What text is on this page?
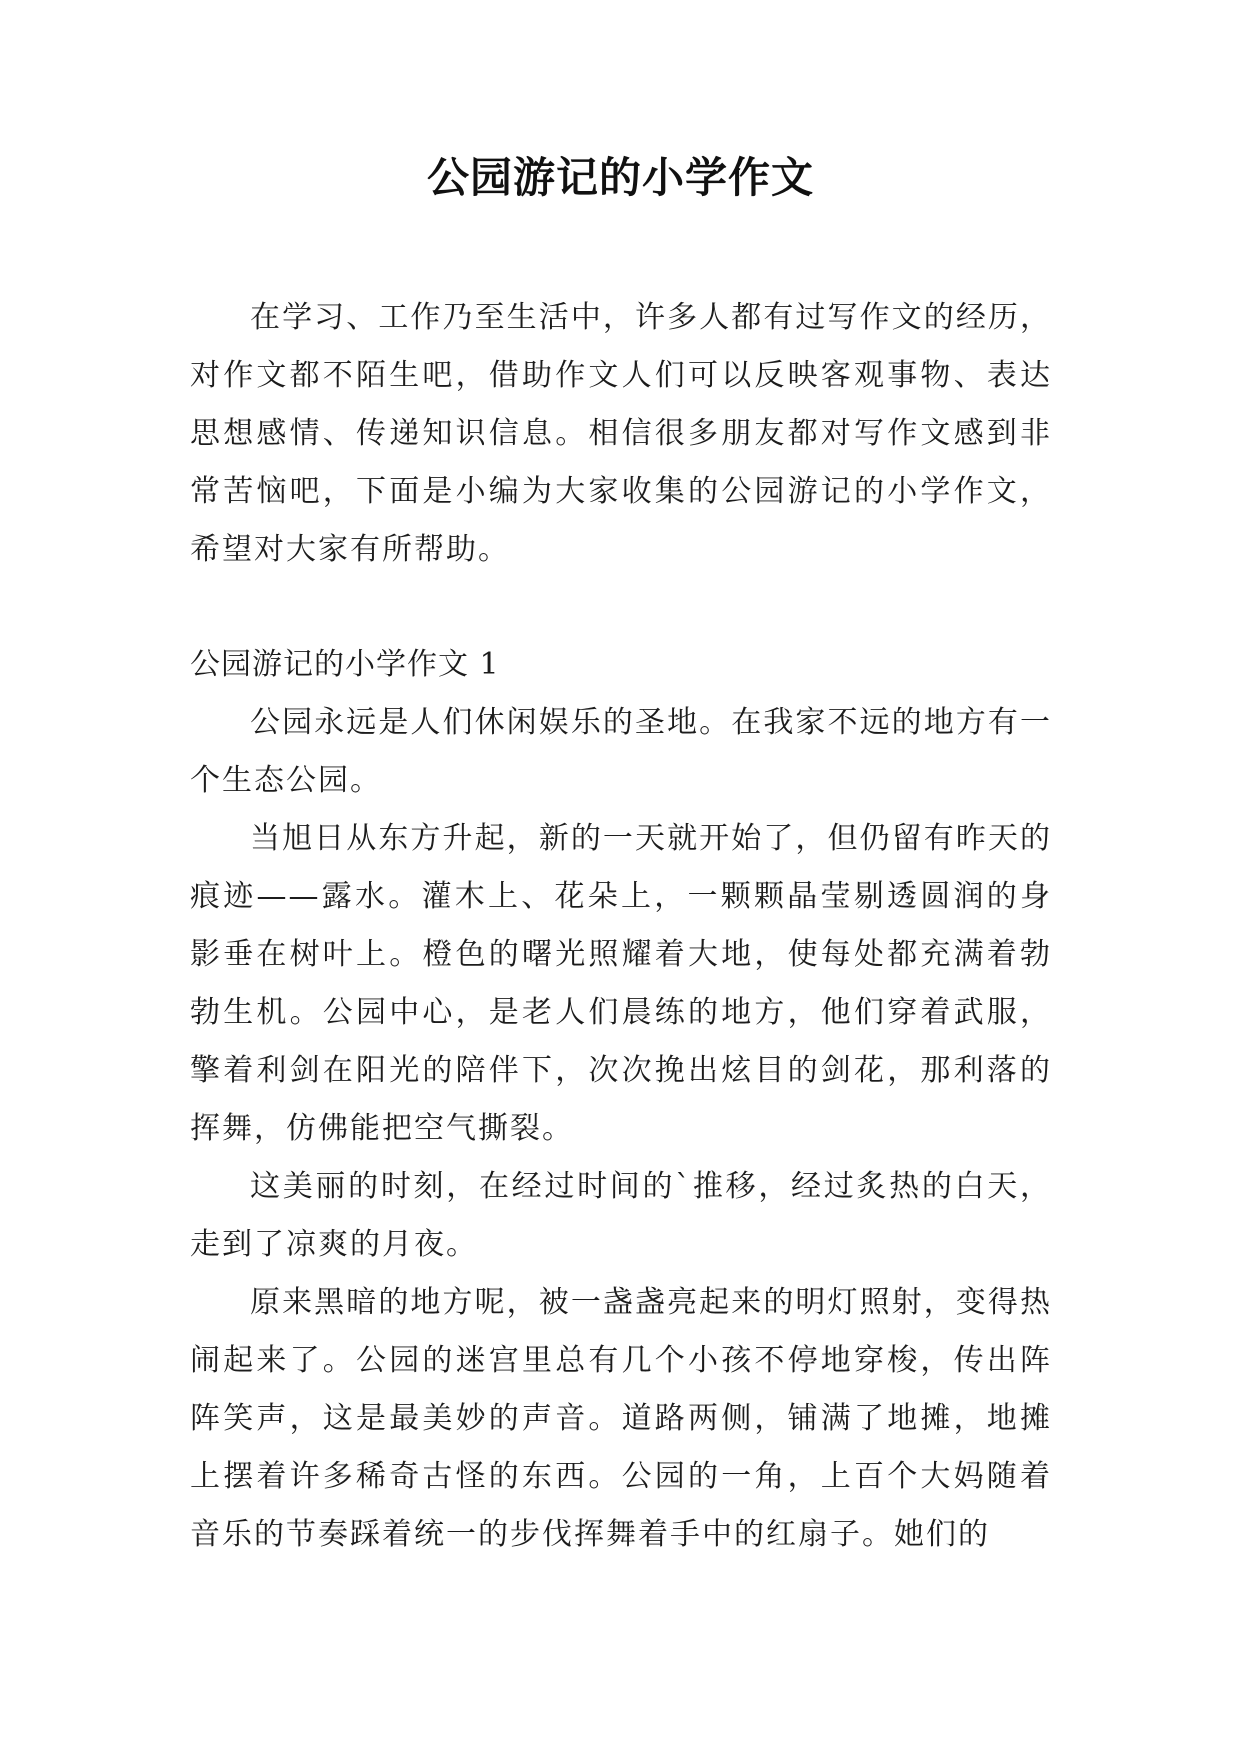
公园游记的小学作文

在学习、工作乃至生活中，许多人都有过写作文的经历，对作文都不陌生吧，借助作文人们可以反映客观事物、表达思想感情、传递知识信息。相信很多朋友都对写作文感到非常苦恼吧，下面是小编为大家收集的公园游记的小学作文，希望对大家有所帮助。

公园游记的小学作文 1

公园永远是人们休闲娱乐的圣地。在我家不远的地方有一个生态公园。

当旭日从东方升起，新的一天就开始了，但仍留有昨天的痕迹——露水。灌木上、花朵上，一颗颗晶莹剔透圆润的身影垂在树叶上。橙色的曙光照耀着大地，使每处都充满着勃勃生机。公园中心，是老人们晨练的地方，他们穿着武服，擎着利剑在阳光的陪伴下，次次挽出炫目的剑花，那利落的挥舞，仿佛能把空气撕裂。

这美丽的时刻，在经过时间的`推移，经过炙热的白天，走到了凉爽的月夜。

原来黑暗的地方呢，被一盏盏亮起来的明灯照射，变得热闹起来了。公园的迷宫里总有几个小孩不停地穿梭，传出阵阵笑声，这是最美妙的声音。道路两侧，铺满了地摊，地摊上摆着许多稀奇古怪的东西。公园的一角，上百个大妈随着音乐的节奏踩着统一的步伐挥舞着手中的红扇子。她们的
